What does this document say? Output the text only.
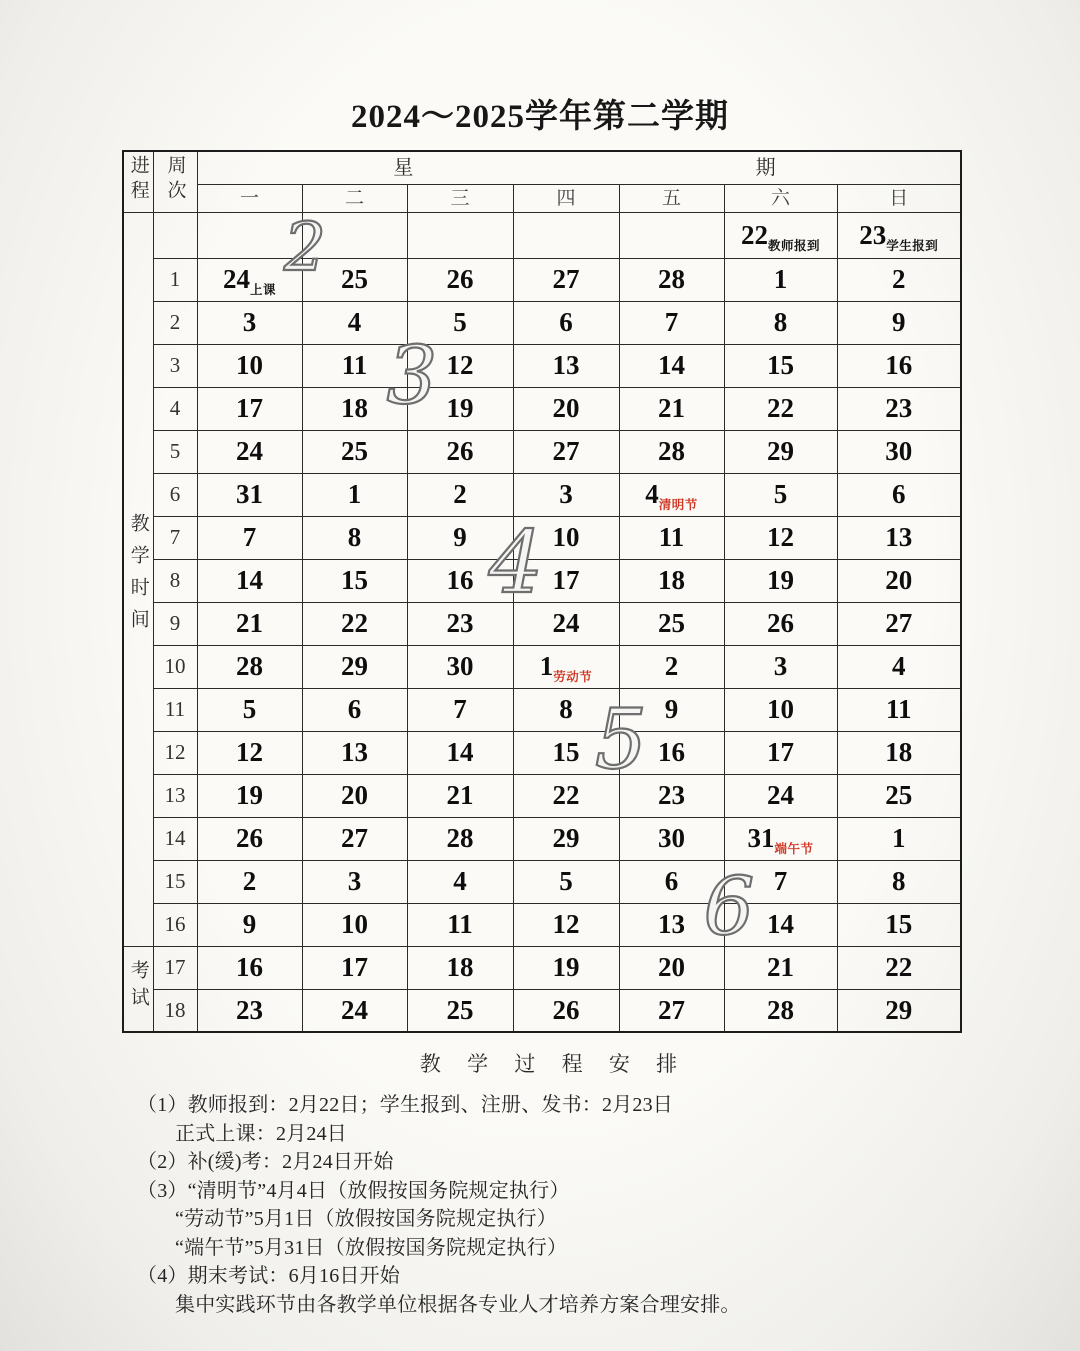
2024～2025学年第二学期
进程	周次	星 期						

		一	二	三	四	五	六	日
教学时间							$22_{教师报到}$	$23_{学生报到}$
	1	$24_{上课}$	25	26	27	28	1	2
	2	3	4	5	6	7	8	9
	3	10	11	12	13	14	15	16
	4	17	18	19	20	21	22	23
	5	24	25	26	27	28	29	30
	6	31	1	2	3	$4_{清明节}$	5	6
	7	7	8	9	10	11	12	13
	8	14	15	16	17	18	19	20
	9	21	22	23	24	25	26	27
	10	28	29	30	$1_{劳动节}$	2	3	4
	11	5	6	7	8	9	10	11
	12	12	13	14	15	16	17	18
	13	19	20	21	22	23	24	25
	14	26	27	28	29	30	$31_{端午节}$	1
	15	2	3	4	5	6	7	8
	16	9	10	11	12	13	14	15
考试	17	16	17	18	19	20	21	22
	18	23	24	25	26	27	28	29
2
3
4
5
6
教 学 过 程 安 排
（1）教师报到：2月22日；学生报到、注册、发书：2月23日
正式上课：2月24日
（2）补(缓)考：2月24日开始
（3）“清明节”4月4日（放假按国务院规定执行）
“劳动节”5月1日（放假按国务院规定执行）
“端午节”5月31日（放假按国务院规定执行）
（4）期末考试：6月16日开始
集中实践环节由各教学单位根据各专业人才培养方案合理安排。
